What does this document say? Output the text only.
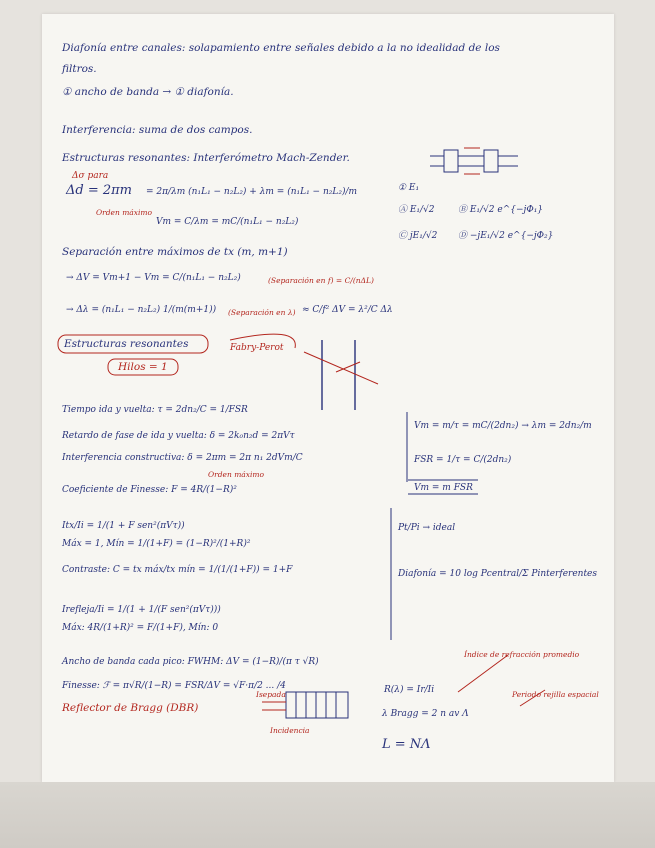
Diafonía entre canales: solapamiento entre señales debido a la no idealidad de los
filtros.
① ancho de banda → ① diafonía.
Interferencia: suma de dos campos.
Estructuras resonantes: Interferómetro Mach-Zender.
Δσ para
Δd = 2πm = 2π/λm (n₁L₁ − n₂L₂) + λm = (n₁L₁ − n₂L₂)/m
Orden máximo
Vm = C/λm = mC/(n₁L₁ − n₂L₂)
① E₁
Ⓐ E₁/√2	Ⓑ E₁/√2 e^{−jΦ₁}
Ⓒ jE₁/√2 Ⓓ −jE₁/√2 e^{−jΦ₂}
Separación entre máximos de tx (m, m+1)
→ ΔV = Vm+1 − Vm = C/(n₁L₁ − n₂L₂)	(Separación en f) = C/(nΔL)
→ Δλ = (n₁L₁ − n₂L₂) 1/(m(m+1)) (Separación en λ) ≈ C/f² ΔV = λ²/C Δλ
Estructuras resonantes	Fabry-Perot
Hilos = 1
Tiempo ida y vuelta: τ = 2dn₂/C = 1/FSR
Retardo de fase de ida y vuelta: δ = 2k₀n₂d = 2πVτ
Interferencia constructiva: δ = 2πm = 2π n₁ 2dVm/C
Orden máximo
Vm = m/τ = mC/(2dn₂) → λm = 2dn₂/m
FSR = 1/τ = C/(2dn₂)
Vm = m FSR
Coeficiente de Finesse: F = 4R/(1−R)²
Itx/Ii = 1/(1 + F sen²(πVτ))
Máx = 1, Mín = 1/(1+F) = (1−R)²/(1+R)²
Pt/Pi → ideal
Contraste: C = tx máx/tx mín = 1/(1/(1+F)) = 1+F	Diafonía = 10 log Pcentral/Σ Pinterferentes
Irefleja/Ii = 1/(1 + 1/(F sen²(πVτ)))
Máx: 4R/(1+R)² = F/(1+F), Mín: 0
Ancho de banda cada pico: FWHM: ΔV = (1−R)/(π τ √R)
Finesse: ℱ = π√R/(1−R) = FSR/ΔV = √F·π/2 ... /4
Reflector de Bragg (DBR)
Isepada
Incidencia
R(λ) = Ir/Ii
λ Bragg = 2 n av Λ
L = NΛ
Índice de refracción promedio
Periodo rejilla espacial
